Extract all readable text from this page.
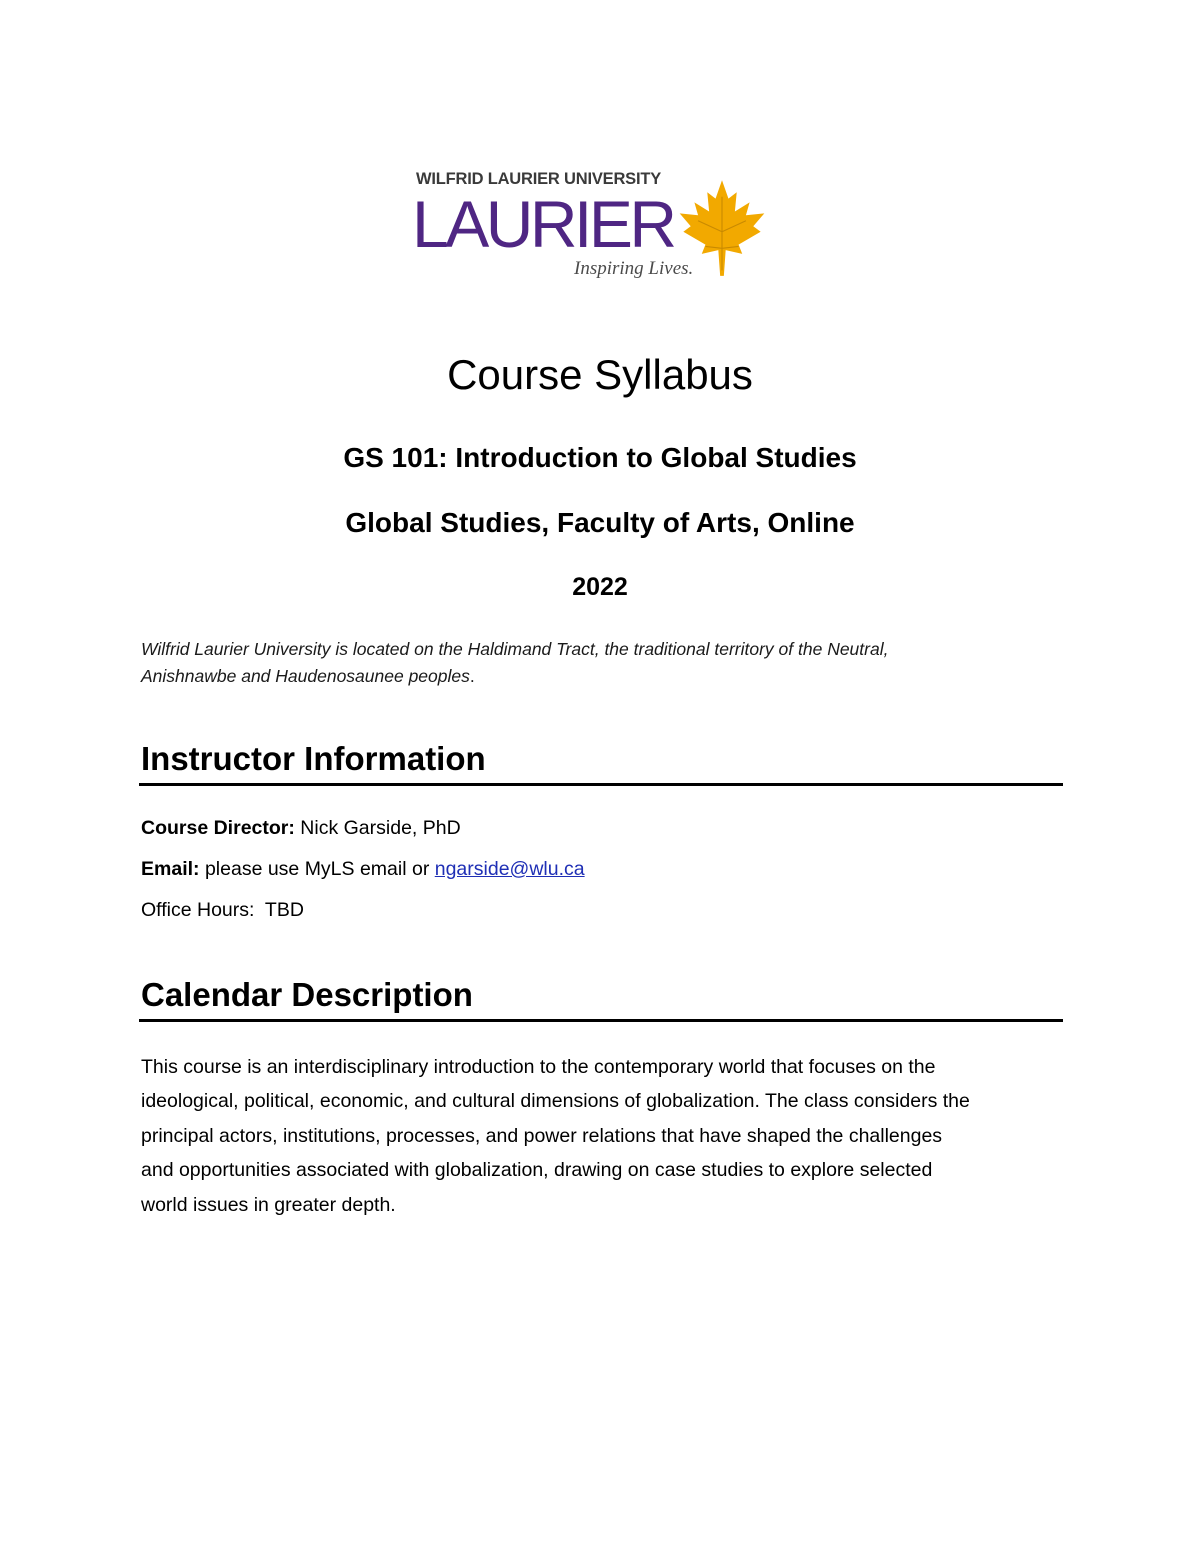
WILFRID LAURIER UNIVERSITY
LAURIER
Inspiring Lives.
Course Syllabus
GS 101: Introduction to Global Studies
Global Studies, Faculty of Arts, Online
2022
Wilfrid Laurier University is located on the Haldimand Tract, the traditional territory of the Neutral,
Anishnawbe and Haudenosaunee peoples.
Instructor Information
Course Director: Nick Garside, PhD
Email: please use MyLS email or ngarside@wlu.ca
Office Hours: TBD
Calendar Description
This course is an interdisciplinary introduction to the contemporary world that focuses on the
ideological, political, economic, and cultural dimensions of globalization. The class considers the
principal actors, institutions, processes, and power relations that have shaped the challenges
and opportunities associated with globalization, drawing on case studies to explore selected
world issues in greater depth.
